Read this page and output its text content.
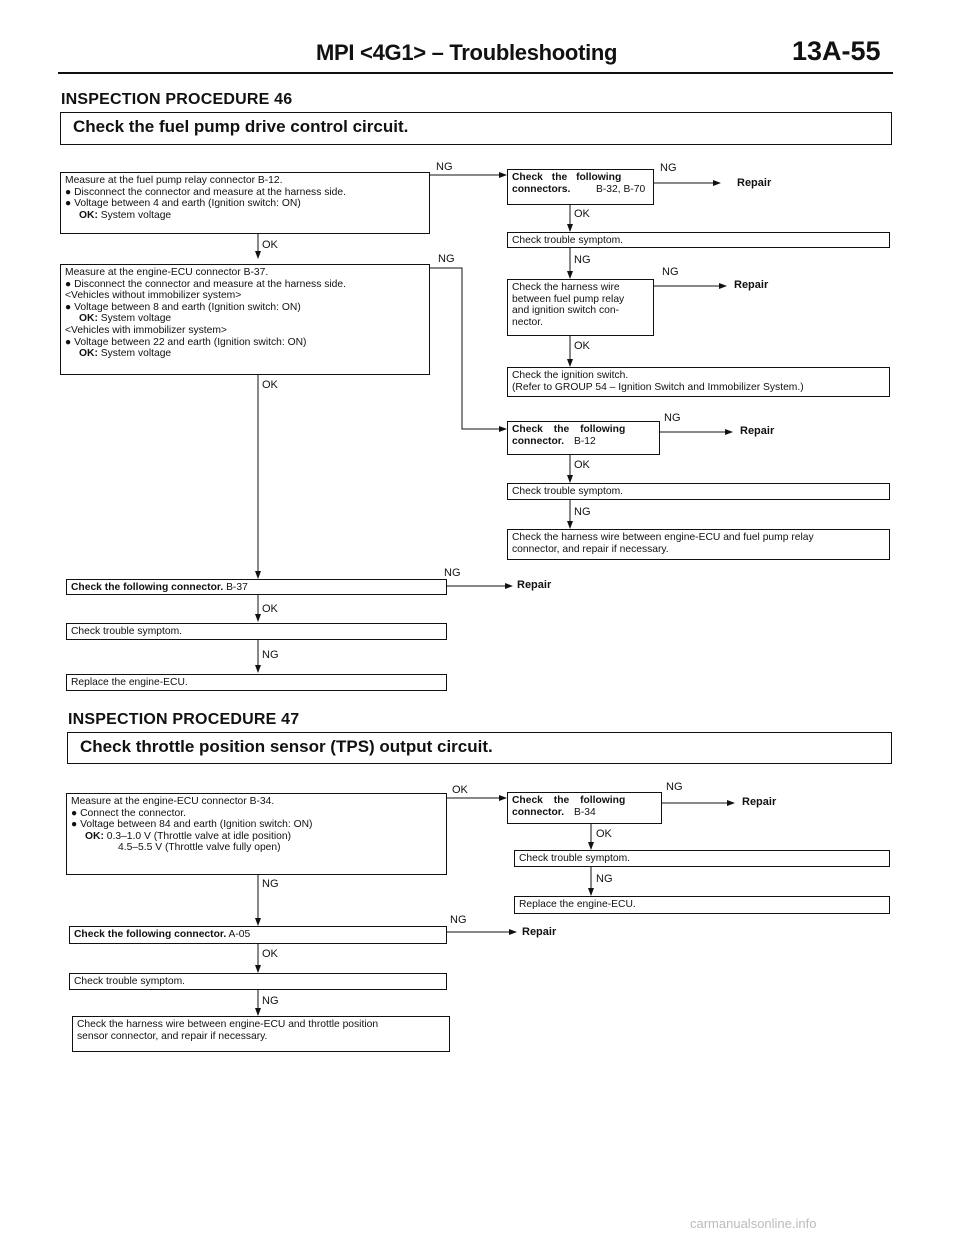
MPI <4G1> – Troubleshooting	13A-55
INSPECTION PROCEDURE 46
Check the fuel pump drive control circuit.
Measure at the fuel pump relay connector B-12.
● Disconnect the connector and measure at the harness side.
● Voltage between 4 and earth (Ignition switch: ON)
OK: System voltage
Measure at the engine-ECU connector B-37.
● Disconnect the connector and measure at the harness side.
<Vehicles without immobilizer system>
● Voltage between 8 and earth (Ignition switch: ON)
OK: System voltage
<Vehicles with immobilizer system>
● Voltage between 22 and earth (Ignition switch: ON)
OK: System voltage
Check the following connector. B-37
Check trouble symptom.
Replace the engine-ECU.
Check the following connectors.	B-32, B-70
Check trouble symptom.
Check the harness wire
between fuel pump relay
and ignition switch con-
nector.
Check the ignition switch.
(Refer to GROUP 54 – Ignition Switch and Immobilizer System.)
Check the following connector. B-12
Check trouble symptom.
Check the harness wire between engine-ECU and fuel pump relay
connector, and repair if necessary.
NG	NG
Repair
OK
OK
NG	NG
NG
Repair
OK
OK
NG
Repair
OK
NG
NG
Repair
OK
NG
INSPECTION PROCEDURE 47
Check throttle position sensor (TPS) output circuit.
Measure at the engine-ECU connector B-34.
● Connect the connector.
● Voltage between 84 and earth (Ignition switch: ON)
OK: 0.3–1.0 V (Throttle valve at idle position)
4.5–5.5 V (Throttle valve fully open)
Check the following connector. A-05
Check trouble symptom.
Check the harness wire between engine-ECU and throttle position
sensor connector, and repair if necessary.
Check the following connector. B-34
Check trouble symptom.
Replace the engine-ECU.
OK	NG
Repair
OK
NG
NG
NG
Repair
OK
NG
carmanualsonline.info
